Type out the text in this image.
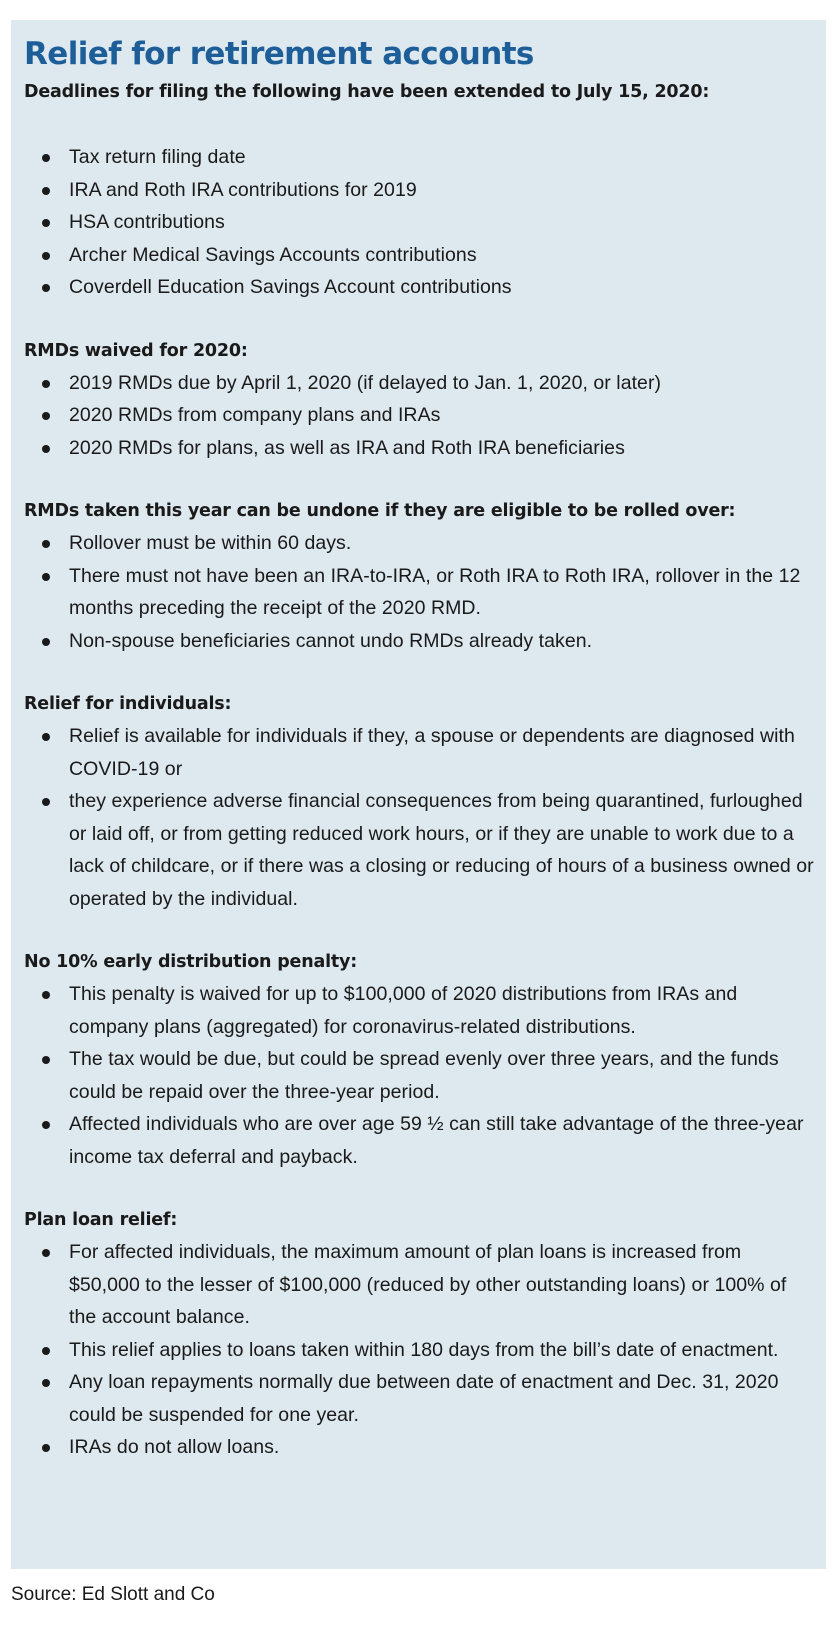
Relief for retirement accounts

Deadlines for filing the following have been extended to July 15, 2020:

Tax return filing date
IRA and Roth IRA contributions for 2019
HSA contributions
Archer Medical Savings Accounts contributions
Coverdell Education Savings Account contributions

RMDs waived for 2020:

2019 RMDs due by April 1, 2020 (if delayed to Jan. 1, 2020, or later)
2020 RMDs from company plans and IRAs
2020 RMDs for plans, as well as IRA and Roth IRA beneficiaries

RMDs taken this year can be undone if they are eligible to be rolled over:

Rollover must be within 60 days.
There must not have been an IRA-to-IRA, or Roth IRA to Roth IRA, rollover in the 12 months preceding the receipt of the 2020 RMD.
Non-spouse beneficiaries cannot undo RMDs already taken.

Relief for individuals:

Relief is available for individuals if they, a spouse or dependents are diagnosed with COVID-19 or
they experience adverse financial consequences from being quarantined, furloughed or laid off, or from getting reduced work hours, or if they are unable to work due to a lack of childcare, or if there was a closing or reducing of hours of a business owned or operated by the individual.

No 10% early distribution penalty:

This penalty is waived for up to $100,000 of 2020 distributions from IRAs and company plans (aggregated) for coronavirus-related distributions.
The tax would be due, but could be spread evenly over three years, and the funds could be repaid over the three-year period.
Affected individuals who are over age 59 ½ can still take advantage of the three-year income tax deferral and payback.

Plan loan relief:

For affected individuals, the maximum amount of plan loans is increased from $50,000 to the lesser of $100,000 (reduced by other outstanding loans) or 100% of the account balance.
This relief applies to loans taken within 180 days from the bill’s date of enactment.
Any loan repayments normally due between date of enactment and Dec. 31, 2020 could be suspended for one year.
IRAs do not allow loans.
Source: Ed Slott and Co
